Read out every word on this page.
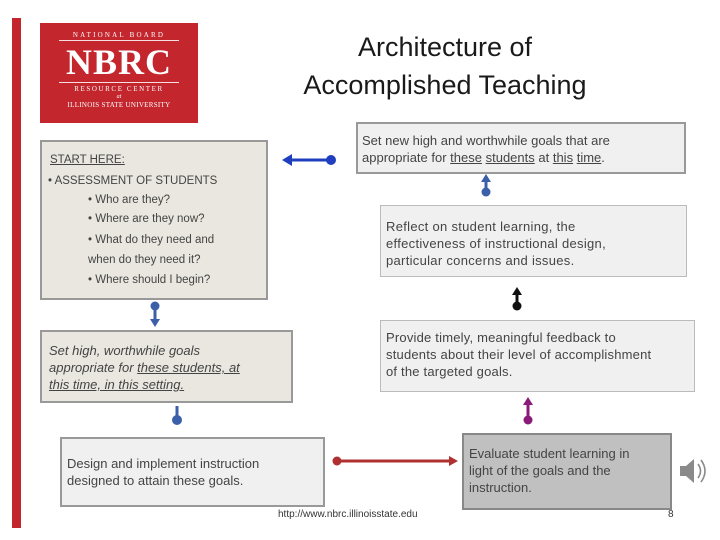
NATIONAL BOARD
NBRC
RESOURCE CENTER
at
ILLINOIS STATE UNIVERSITY
Architecture of
Accomplished Teaching
START HERE:
• ASSESSMENT OF STUDENTS
• Who are they?
• Where are they now?
• What do they need and
when do they need it?
• Where should I begin?
Set new high and worthwhile goals that are
appropriate for these students at this time.
Reflect on student learning, the
effectiveness of instructional design,
particular concerns and issues.
Provide timely, meaningful feedback to
students about their level of accomplishment
of the targeted goals.
Set high, worthwhile goals
appropriate for these students, at
this time, in this setting.
Design and implement instruction
designed to attain these goals.
Evaluate student learning in
light of the goals and the
instruction.
http://www.nbrc.illinoisstate.edu	8
